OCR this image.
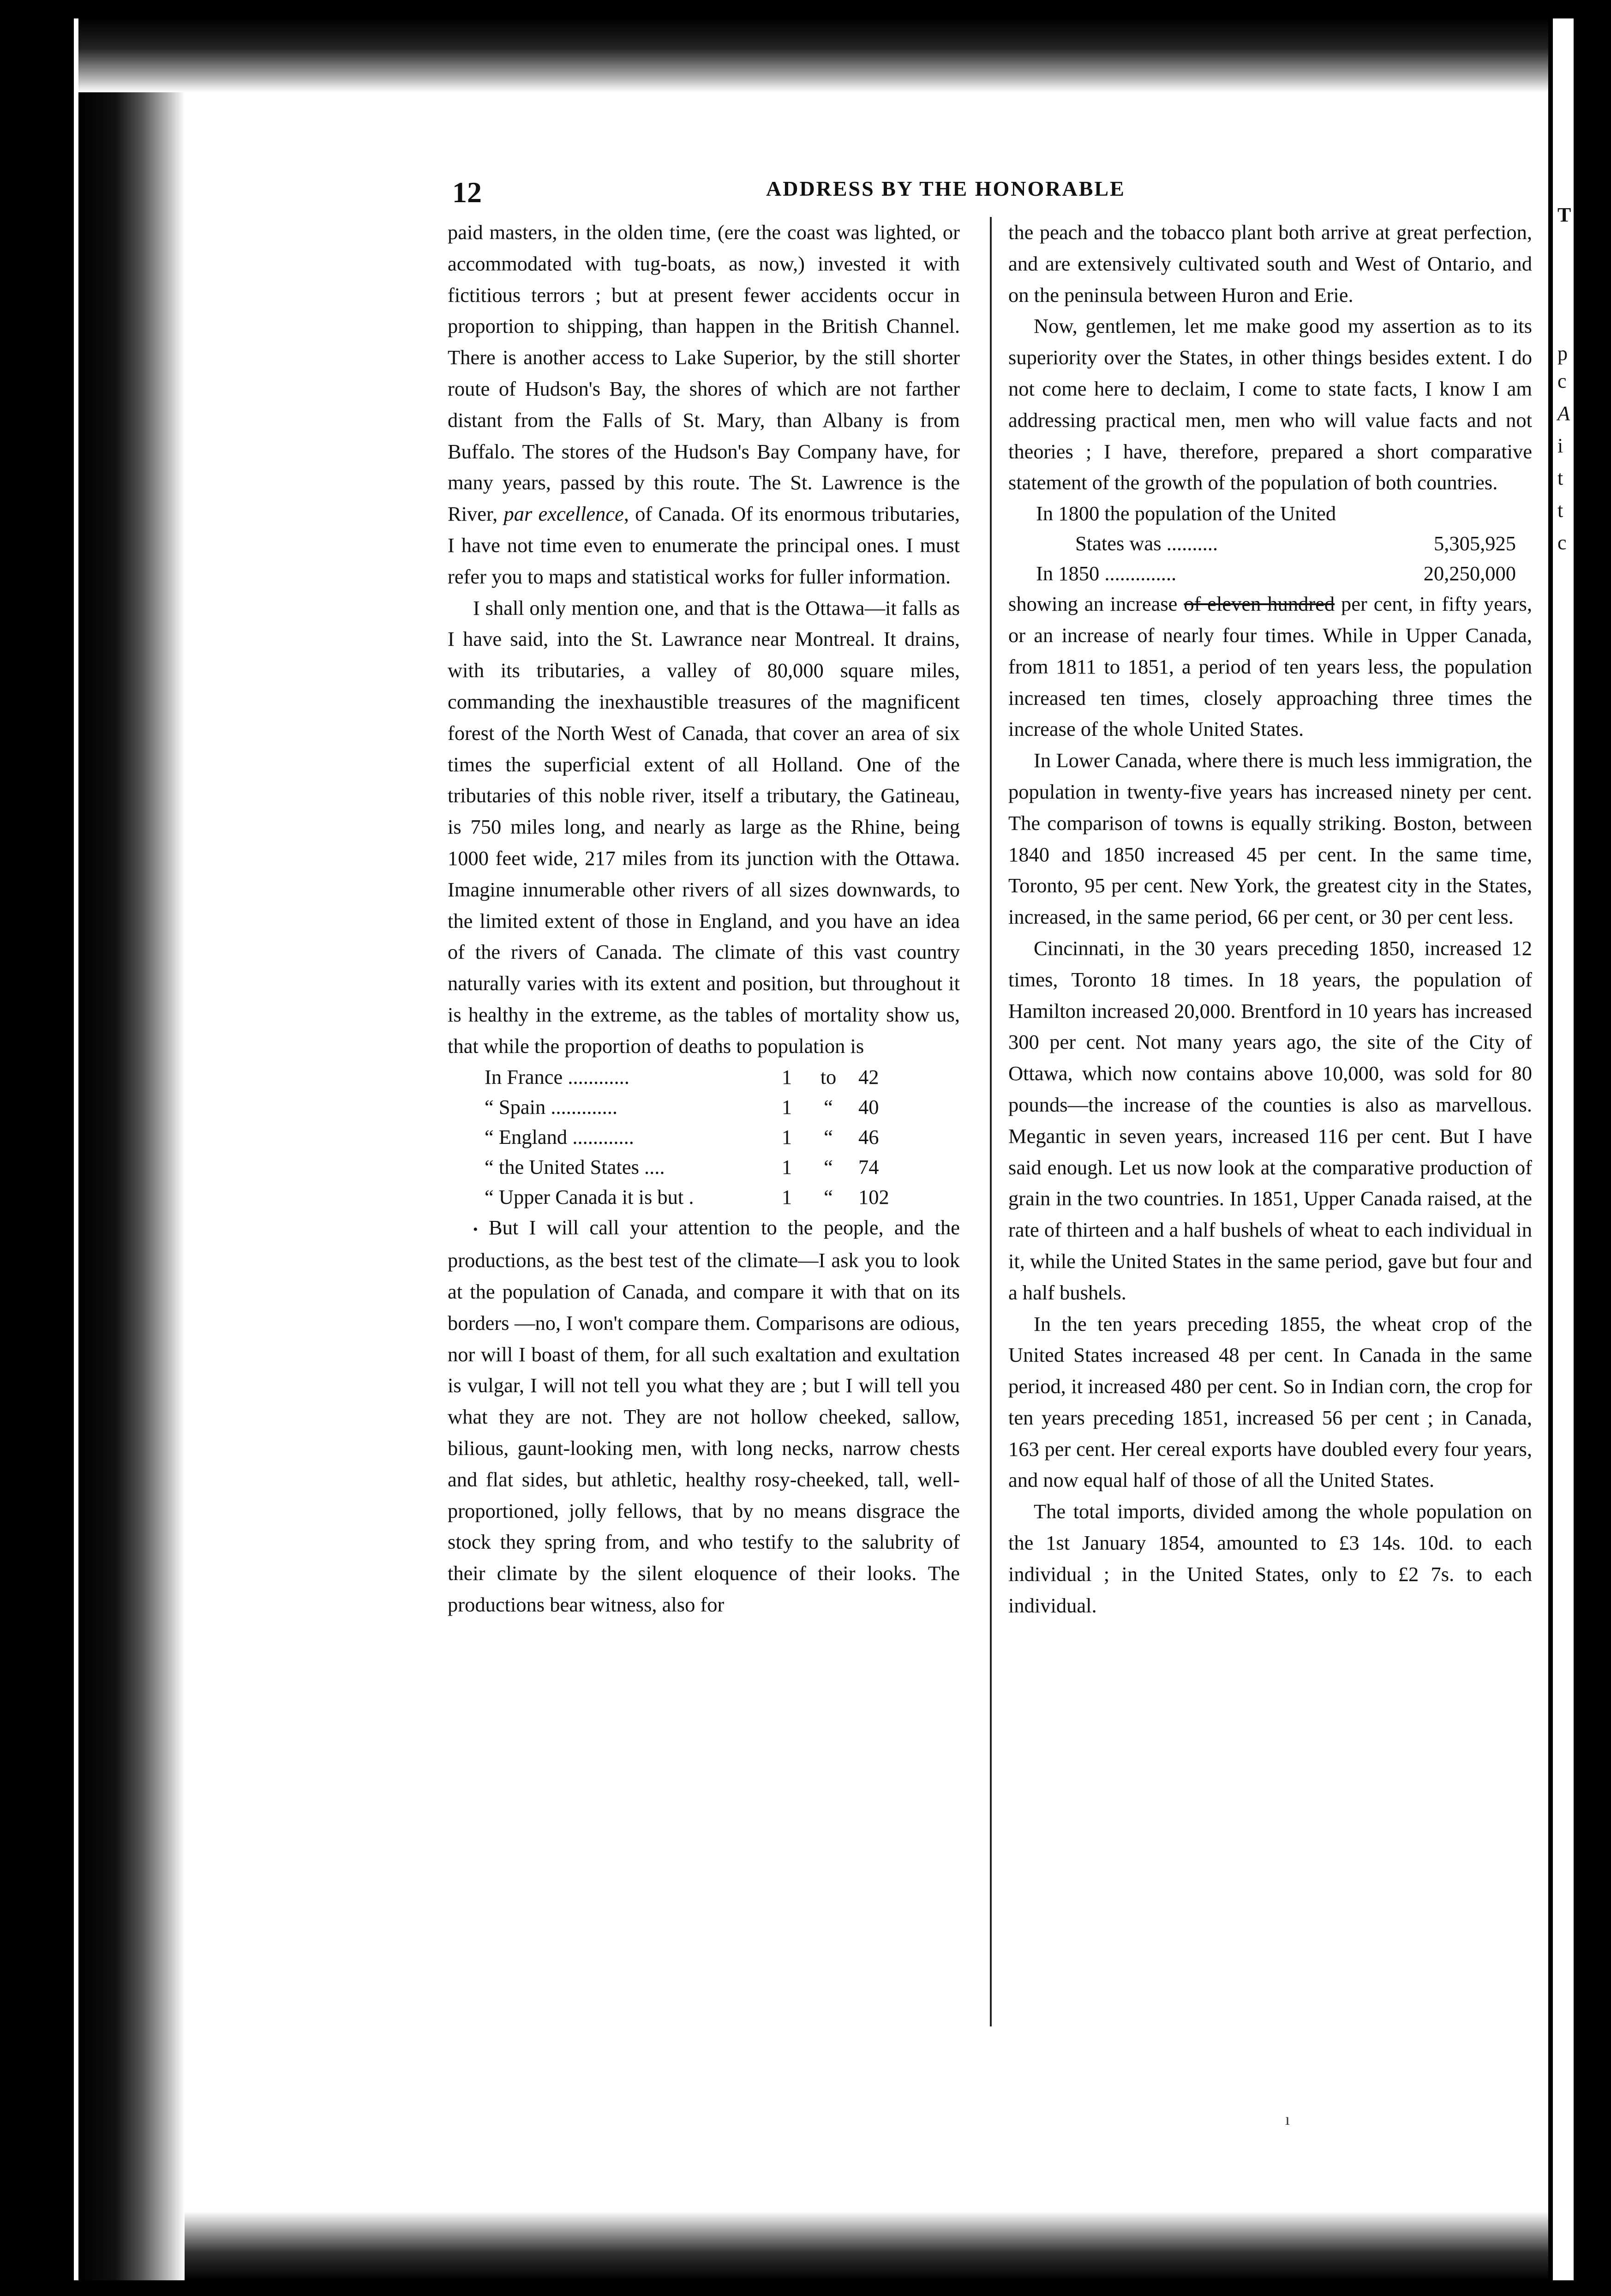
T
p
c
A
i
t
t
c
12	ADDRESS BY THE HONORABLE

paid masters, in the olden time, (ere the coast was lighted, or accommodated with tug-boats, as now,) invested it with fictitious terrors ; but at present fewer accidents occur in proportion to shipping, than happen in the British Channel. There is another access to Lake Superior, by the still shorter route of Hudson's Bay, the shores of which are not farther distant from the Falls of St. Mary, than Albany is from Buffalo. The stores of the Hudson's Bay Company have, for many years, passed by this route. The St. Lawrence is the River, par excellence, of Canada. Of its enormous tributaries, I have not time even to enumerate the principal ones. I must refer you to maps and statistical works for fuller information.

I shall only mention one, and that is the Ottawa—it falls as I have said, into the St. Lawrance near Montreal. It drains, with its tributaries, a valley of 80,000 square miles, commanding the inexhaustible treasures of the magnificent forest of the North West of Canada, that cover an area of six times the superficial extent of all Holland. One of the tributaries of this noble river, itself a tributary, the Gatineau, is 750 miles long, and nearly as large as the Rhine, being 1000 feet wide, 217 miles from its junction with the Ottawa. Imagine innumerable other rivers of all sizes downwards, to the limited extent of those in England, and you have an idea of the rivers of Canada. The climate of this vast country naturally varies with its extent and position, but throughout it is healthy in the extreme, as the tables of mortality show us, that while the proportion of deaths to population is

In France ............	1	to	42
“ Spain .............	1	“	40
“ England ............	1	“	46
“ the United States ....	1	“	74
“ Upper Canada it is but .	1	“	102

• But I will call your attention to the people, and the productions, as the best test of the climate—I ask you to look at the population of Canada, and compare it with that on its borders —no, I won't compare them. Comparisons are odious, nor will I boast of them, for all such exaltation and exultation is vulgar, I will not tell you what they are ; but I will tell you what they are not. They are not hollow cheeked, sallow, bilious, gaunt-looking men, with long necks, narrow chests and flat sides, but athletic, healthy rosy-cheeked, tall, well-proportioned, jolly fellows, that by no means disgrace the stock they spring from, and who testify to the salubrity of their climate by the silent eloquence of their looks. The productions bear witness, also for

the peach and the tobacco plant both arrive at great perfection, and are extensively cultivated south and West of Ontario, and on the peninsula between Huron and Erie.

Now, gentlemen, let me make good my assertion as to its superiority over the States, in other things besides extent. I do not come here to declaim, I come to state facts, I know I am addressing practical men, men who will value facts and not theories ; I have, therefore, prepared a short comparative statement of the growth of the population of both countries.

In 1800 the population of the United	
States was ..........	5,305,925
In 1850 ..............	20,250,000

showing an increase of eleven hundred per cent, in fifty years, or an increase of nearly four times. While in Upper Canada, from 1811 to 1851, a period of ten years less, the population increased ten times, closely approaching three times the increase of the whole United States.

In Lower Canada, where there is much less immigration, the population in twenty-five years has increased ninety per cent. The comparison of towns is equally striking. Boston, between 1840 and 1850 increased 45 per cent. In the same time, Toronto, 95 per cent. New York, the greatest city in the States, increased, in the same period, 66 per cent, or 30 per cent less.

Cincinnati, in the 30 years preceding 1850, increased 12 times, Toronto 18 times. In 18 years, the population of Hamilton increased 20,000. Brentford in 10 years has increased 300 per cent. Not many years ago, the site of the City of Ottawa, which now contains above 10,000, was sold for 80 pounds—the increase of the counties is also as marvellous. Megantic in seven years, increased 116 per cent. But I have said enough. Let us now look at the comparative production of grain in the two countries. In 1851, Upper Canada raised, at the rate of thirteen and a half bushels of wheat to each individual in it, while the United States in the same period, gave but four and a half bushels.

In the ten years preceding 1855, the wheat crop of the United States increased 48 per cent. In Canada in the same period, it increased 480 per cent. So in Indian corn, the crop for ten years preceding 1851, increased 56 per cent ; in Canada, 163 per cent. Her cereal exports have doubled every four years, and now equal half of those of all the United States.

The total imports, divided among the whole population on the 1st January 1854, amounted to £3 14s. 10d. to each individual ; in the United States, only to £2 7s. to each individual.

ı
